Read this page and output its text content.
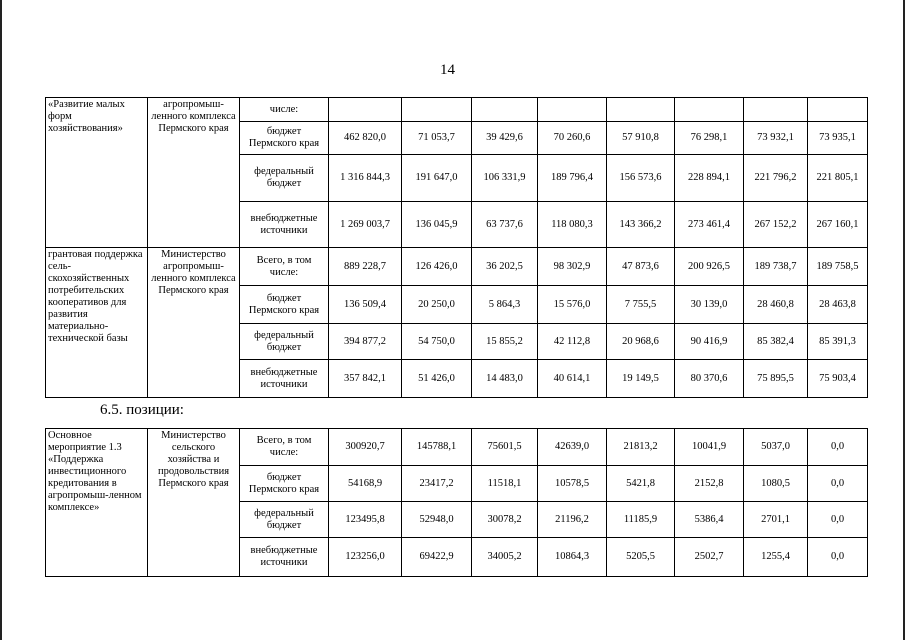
14
«Развитие малых форм хозяйствования»	агропромыш-ленного комплекса Пермского края	числе:								
		бюджет Пермского края	462 820,0	71 053,7	39 429,6	70 260,6	57 910,8	76 298,1	73 932,1	73 935,1
		федеральный бюджет	1 316 844,3	191 647,0	106 331,9	189 796,4	156 573,6	228 894,1	221 796,2	221 805,1
		внебюджетные источники	1 269 003,7	136 045,9	63 737,6	118 080,3	143 366,2	273 461,4	267 152,2	267 160,1
грантовая поддержка сель-скохозяйственных потребительских кооперативов для развития материально-технической базы	Министерство агропромыш-ленного комплекса Пермского края	Всего, в том числе:	889 228,7	126 426,0	36 202,5	98 302,9	47 873,6	200 926,5	189 738,7	189 758,5
		бюджет Пермского края	136 509,4	20 250,0	5 864,3	15 576,0	7 755,5	30 139,0	28 460,8	28 463,8
		федеральный бюджет	394 877,2	54 750,0	15 855,2	42 112,8	20 968,6	90 416,9	85 382,4	85 391,3
		внебюджетные источники	357 842,1	51 426,0	14 483,0	40 614,1	19 149,5	80 370,6	75 895,5	75 903,4
6.5. позиции:
Основное мероприятие 1.3 «Поддержка инвестиционного кредитования в агропромыш-ленном комплексе»	Министерство сельского хозяйства и продовольствия Пермского края	Всего, в том числе:	300920,7	145788,1	75601,5	42639,0	21813,2	10041,9	5037,0	0,0
		бюджет Пермского края	54168,9	23417,2	11518,1	10578,5	5421,8	2152,8	1080,5	0,0
		федеральный бюджет	123495,8	52948,0	30078,2	21196,2	11185,9	5386,4	2701,1	0,0
		внебюджетные источники	123256,0	69422,9	34005,2	10864,3	5205,5	2502,7	1255,4	0,0
